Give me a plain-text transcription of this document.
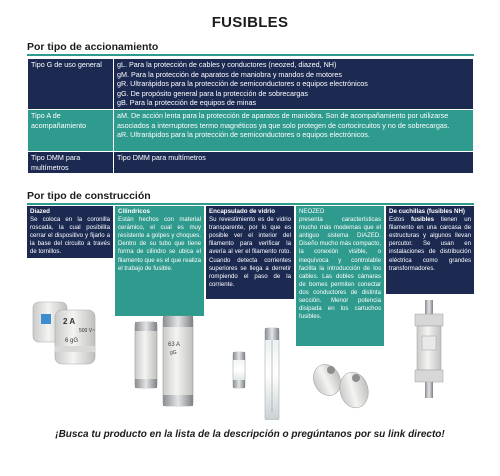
FUSIBLES
Por tipo de accionamiento
Tipo G de uso general	gL. Para la protección de cables y conductores (neozed, diazed, NH)
gM. Para la protección de aparatos de maniobra y mandos de motores
gR. Ultrarápidos para la protección de semiconductores o equipos electrónicos
gG. De propósito general para la protección de sobrecargas
gB. Para la protección de equipos de minas

Tipo A de acompañamiento	aM. De acción lenta para la protección de aparatos de maniobra. Son de acompañamiento por utilizarse asociados a interruptores termo magnéticos ya que solo protegen de cortocircuitos y no de sobrecargas.
aR. Ultrarápidos para la protección de semiconductores o equipos electrónicos.

Tipo DMM para multímetros	Tipo DMM para multímetros
Por tipo de construcción
Diazed
Se coloca en la coronilla roscada, la cual posibilita cerrar el dispositivo y fijarlo a la base del circuito a través de tornillos.
Cilíndricos
Están hechos con material cerámico, el cual es muy resistente a golpes y choques. Dentro de su tubo que tiene forma de cilindro se ubica el filamento que es el que realiza el trabajo de fusible.
Encapsulado de vidrio
Su revestimiento es de vidrio transparente, por lo que es posible ver el interior del filamento para verificar la avería al ver el filamento roto. Cuando detecta corrientes superiores se llega a derretir rompiendo el paso de la corriente.
NEOZED
presenta características mucho más modernas que el antiguo sistema DIAZED. Diseño mucho más compacto, la conexión visible, o inequívoca y controlable facilita la introducción de los cables. Las dobles cámaras de bornes permiten conectar dos conductores de distinta sección. Menor potencia disipada en los cartuchos fusibles.
De cuchillas (fusibles NH)
Estos fusibles tienen un filamento en una carcasa de estructuras y algunos llevan percutor. Se usan en instalaciones de distribución eléctrica como grandes transformadores.
2 A
500 V~
6 gG
63 A
gG
¡Busca tu producto en la lista de la descripción o pregúntanos por su link directo!
